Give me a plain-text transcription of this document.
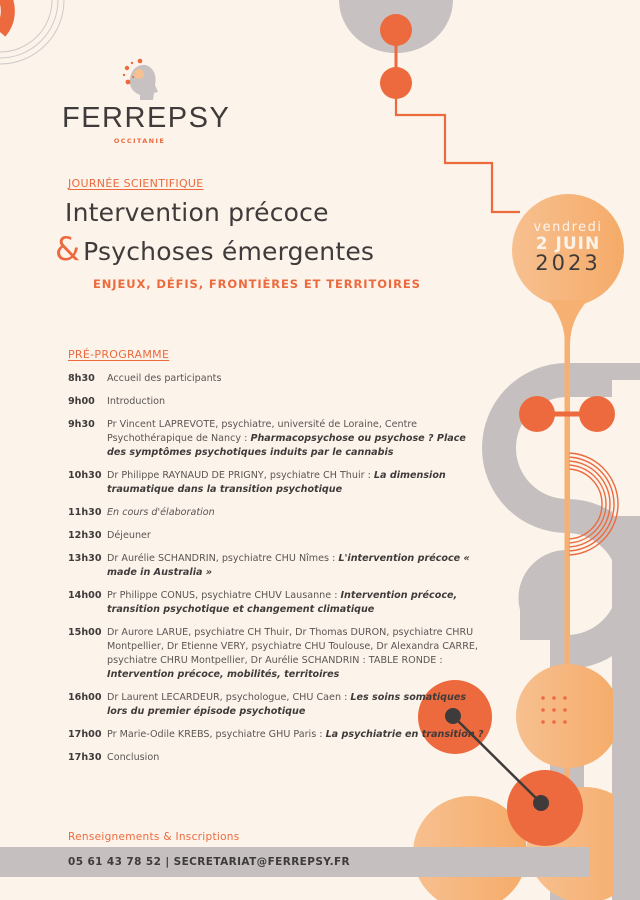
FERREPSY
OCCITANIE
JOURNÉE SCIENTIFIQUE
Intervention précoce
& Psychoses émergentes
ENJEUX, DÉFIS, FRONTIÈRES ET TERRITOIRES
vendredi
2 JUIN
2023
PRÉ-PROGRAMME
8h30	Accueil des participants
9h00	Introduction
9h30	Pr Vincent LAPREVOTE, psychiatre, université de Loraine, Centre Psychothérapique de Nancy : Pharmacopsychose ou psychose ? Place des symptômes psychotiques induits par le cannabis
10h30 Dr Philippe RAYNAUD DE PRIGNY, psychiatre CH Thuir : La dimension traumatique dans la transition psychotique
11h30 En cours d'élaboration
12h30 Déjeuner
13h30 Dr Aurélie SCHANDRIN, psychiatre CHU Nîmes : L'intervention précoce « made in Australia »
14h00 Pr Philippe CONUS, psychiatre CHUV Lausanne : Intervention précoce, transition psychotique et changement climatique
15h00 Dr Aurore LARUE, psychiatre CH Thuir, Dr Thomas DURON, psychiatre CHRU Montpellier, Dr Etienne VERY, psychiatre CHU Toulouse, Dr Alexandra CARRE, psychiatre CHRU Montpellier, Dr Aurélie SCHANDRIN : TABLE RONDE : Intervention précoce, mobilités, territoires
16h00 Dr Laurent LECARDEUR, psychologue, CHU Caen : Les soins somatiques lors du premier épisode psychotique
17h00 Pr Marie-Odile KREBS, psychiatre GHU Paris : La psychiatrie en transition ?
17h30 Conclusion
Renseignements & Inscriptions
05 61 43 78 52 | SECRETARIAT@FERREPSY.FR
